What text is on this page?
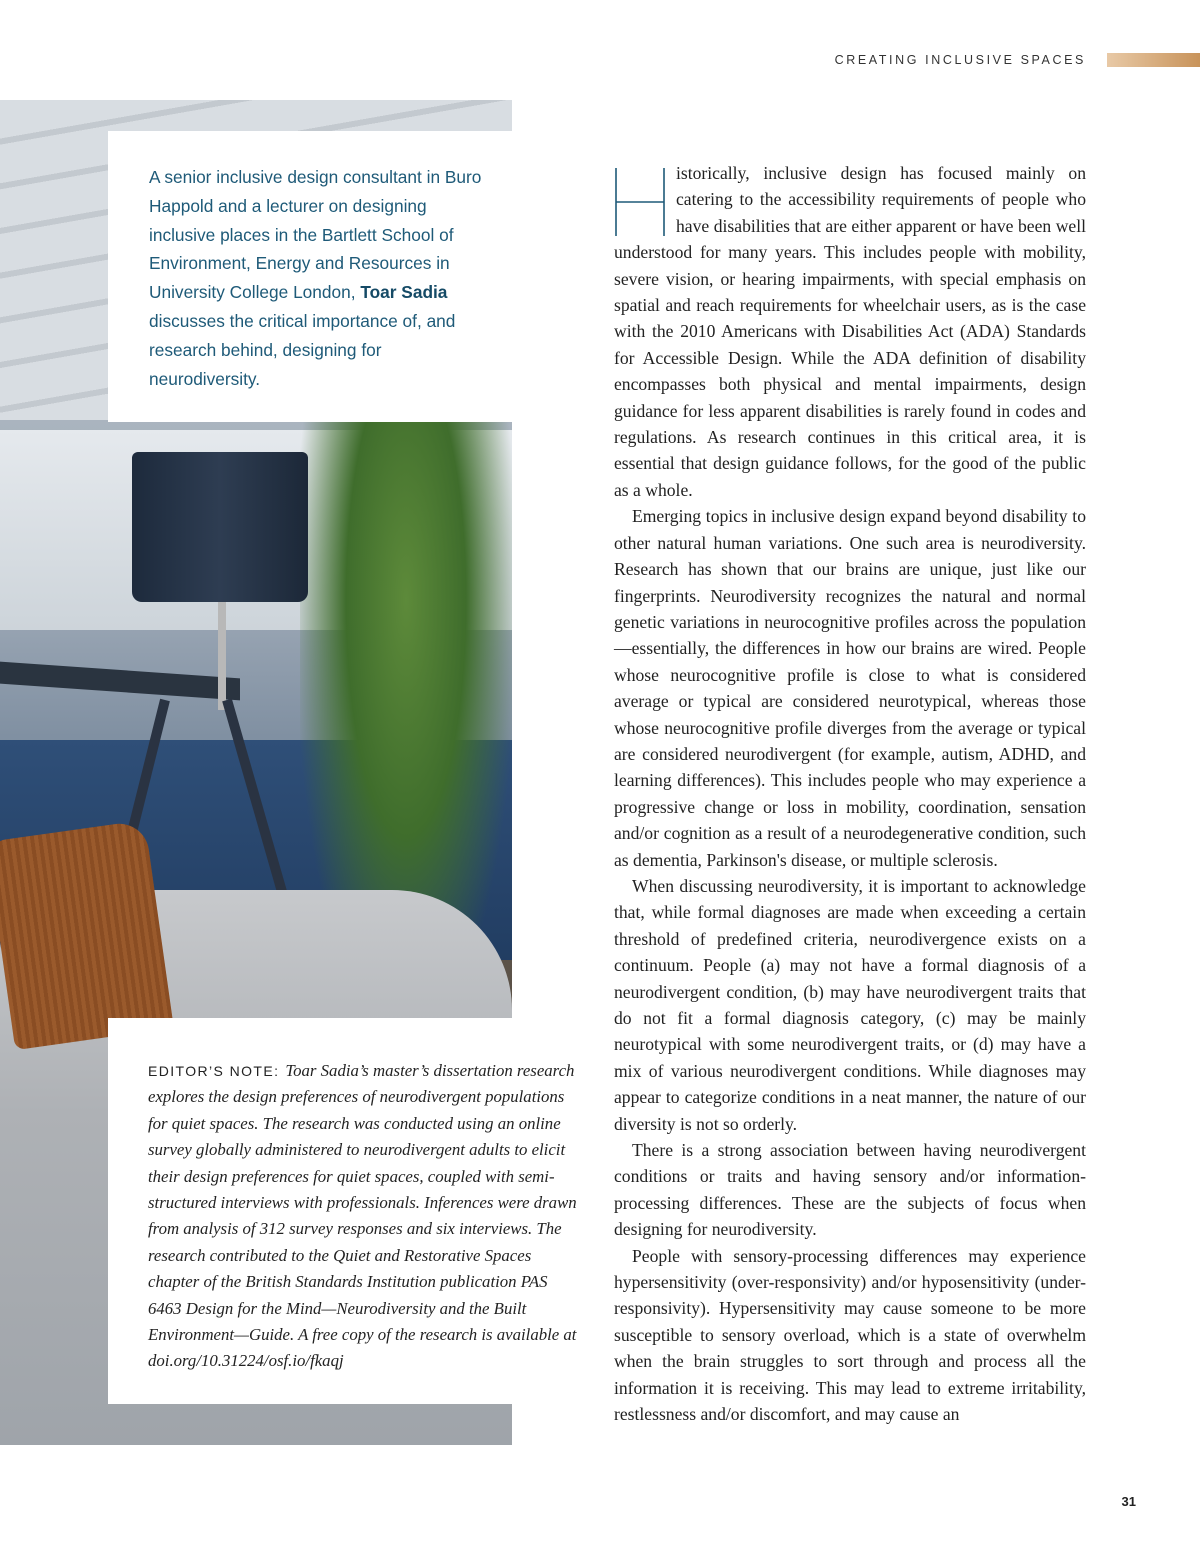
CREATING INCLUSIVE SPACES
A senior inclusive design consultant in Buro Happold and a lecturer on designing inclusive places in the Bartlett School of Environment, Energy and Resources in University College London, Toar Sadia discusses the critical importance of, and research behind, designing for neurodiversity.
EDITOR’S NOTE: Toar Sadia’s master’s dissertation research explores the design preferences of neurodivergent populations for quiet spaces. The research was conducted using an online survey globally administered to neurodivergent adults to elicit their design preferences for quiet spaces, coupled with semi-structured interviews with professionals. Inferences were drawn from analysis of 312 survey responses and six interviews. The research contributed to the Quiet and Restorative Spaces chapter of the British Standards Institution publication PAS 6463 Design for the Mind—Neurodiversity and the Built Environment—Guide. A free copy of the research is available at doi.org/10.31224/osf.io/fkaqj

istorically, inclusive design has focused mainly on catering to the accessibility requirements of people who have disabilities that are either apparent or have been well understood for many years. This includes people with mobility, severe vision, or hearing impairments, with special emphasis on spatial and reach requirements for wheelchair users, as is the case with the 2010 Americans with Disabilities Act (ADA) Standards for Accessible Design. While the ADA definition of disability encompasses both physical and mental impairments, design guidance for less apparent disabilities is rarely found in codes and regulations. As research continues in this critical area, it is essential that design guidance follows, for the good of the public as a whole.

Emerging topics in inclusive design expand beyond disability to other natural human variations. One such area is neurodiversity. Research has shown that our brains are unique, just like our fingerprints. Neurodiversity recognizes the natural and normal genetic variations in neurocognitive profiles across the population—essentially, the differences in how our brains are wired. People whose neurocognitive profile is close to what is considered average or typical are considered neurotypical, whereas those whose neurocognitive profile diverges from the average or typical are considered neurodivergent (for example, autism, ADHD, and learning differences). This includes people who may experience a progressive change or loss in mobility, coordination, sensation and/or cognition as a result of a neurodegenerative condition, such as dementia, Parkinson's disease, or multiple sclerosis.

When discussing neurodiversity, it is important to acknowledge that, while formal diagnoses are made when exceeding a certain threshold of predefined criteria, neurodivergence exists on a continuum. People (a) may not have a formal diagnosis of a neurodivergent condition, (b) may have neurodivergent traits that do not fit a formal diagnosis category, (c) may be mainly neurotypical with some neurodivergent traits, or (d) may have a mix of various neurodivergent conditions. While diagnoses may appear to categorize conditions in a neat manner, the nature of our diversity is not so orderly.

There is a strong association between having neurodivergent conditions or traits and having sensory and/or information-processing differences. These are the subjects of focus when designing for neurodiversity.

People with sensory-processing differences may experience hypersensitivity (over-responsivity) and/or hyposensitivity (under-responsivity). Hypersensitivity may cause someone to be more susceptible to sensory overload, which is a state of overwhelm when the brain struggles to sort through and process all the information it is receiving. This may lead to extreme irritability, restlessness and/or discomfort, and may cause an

31
